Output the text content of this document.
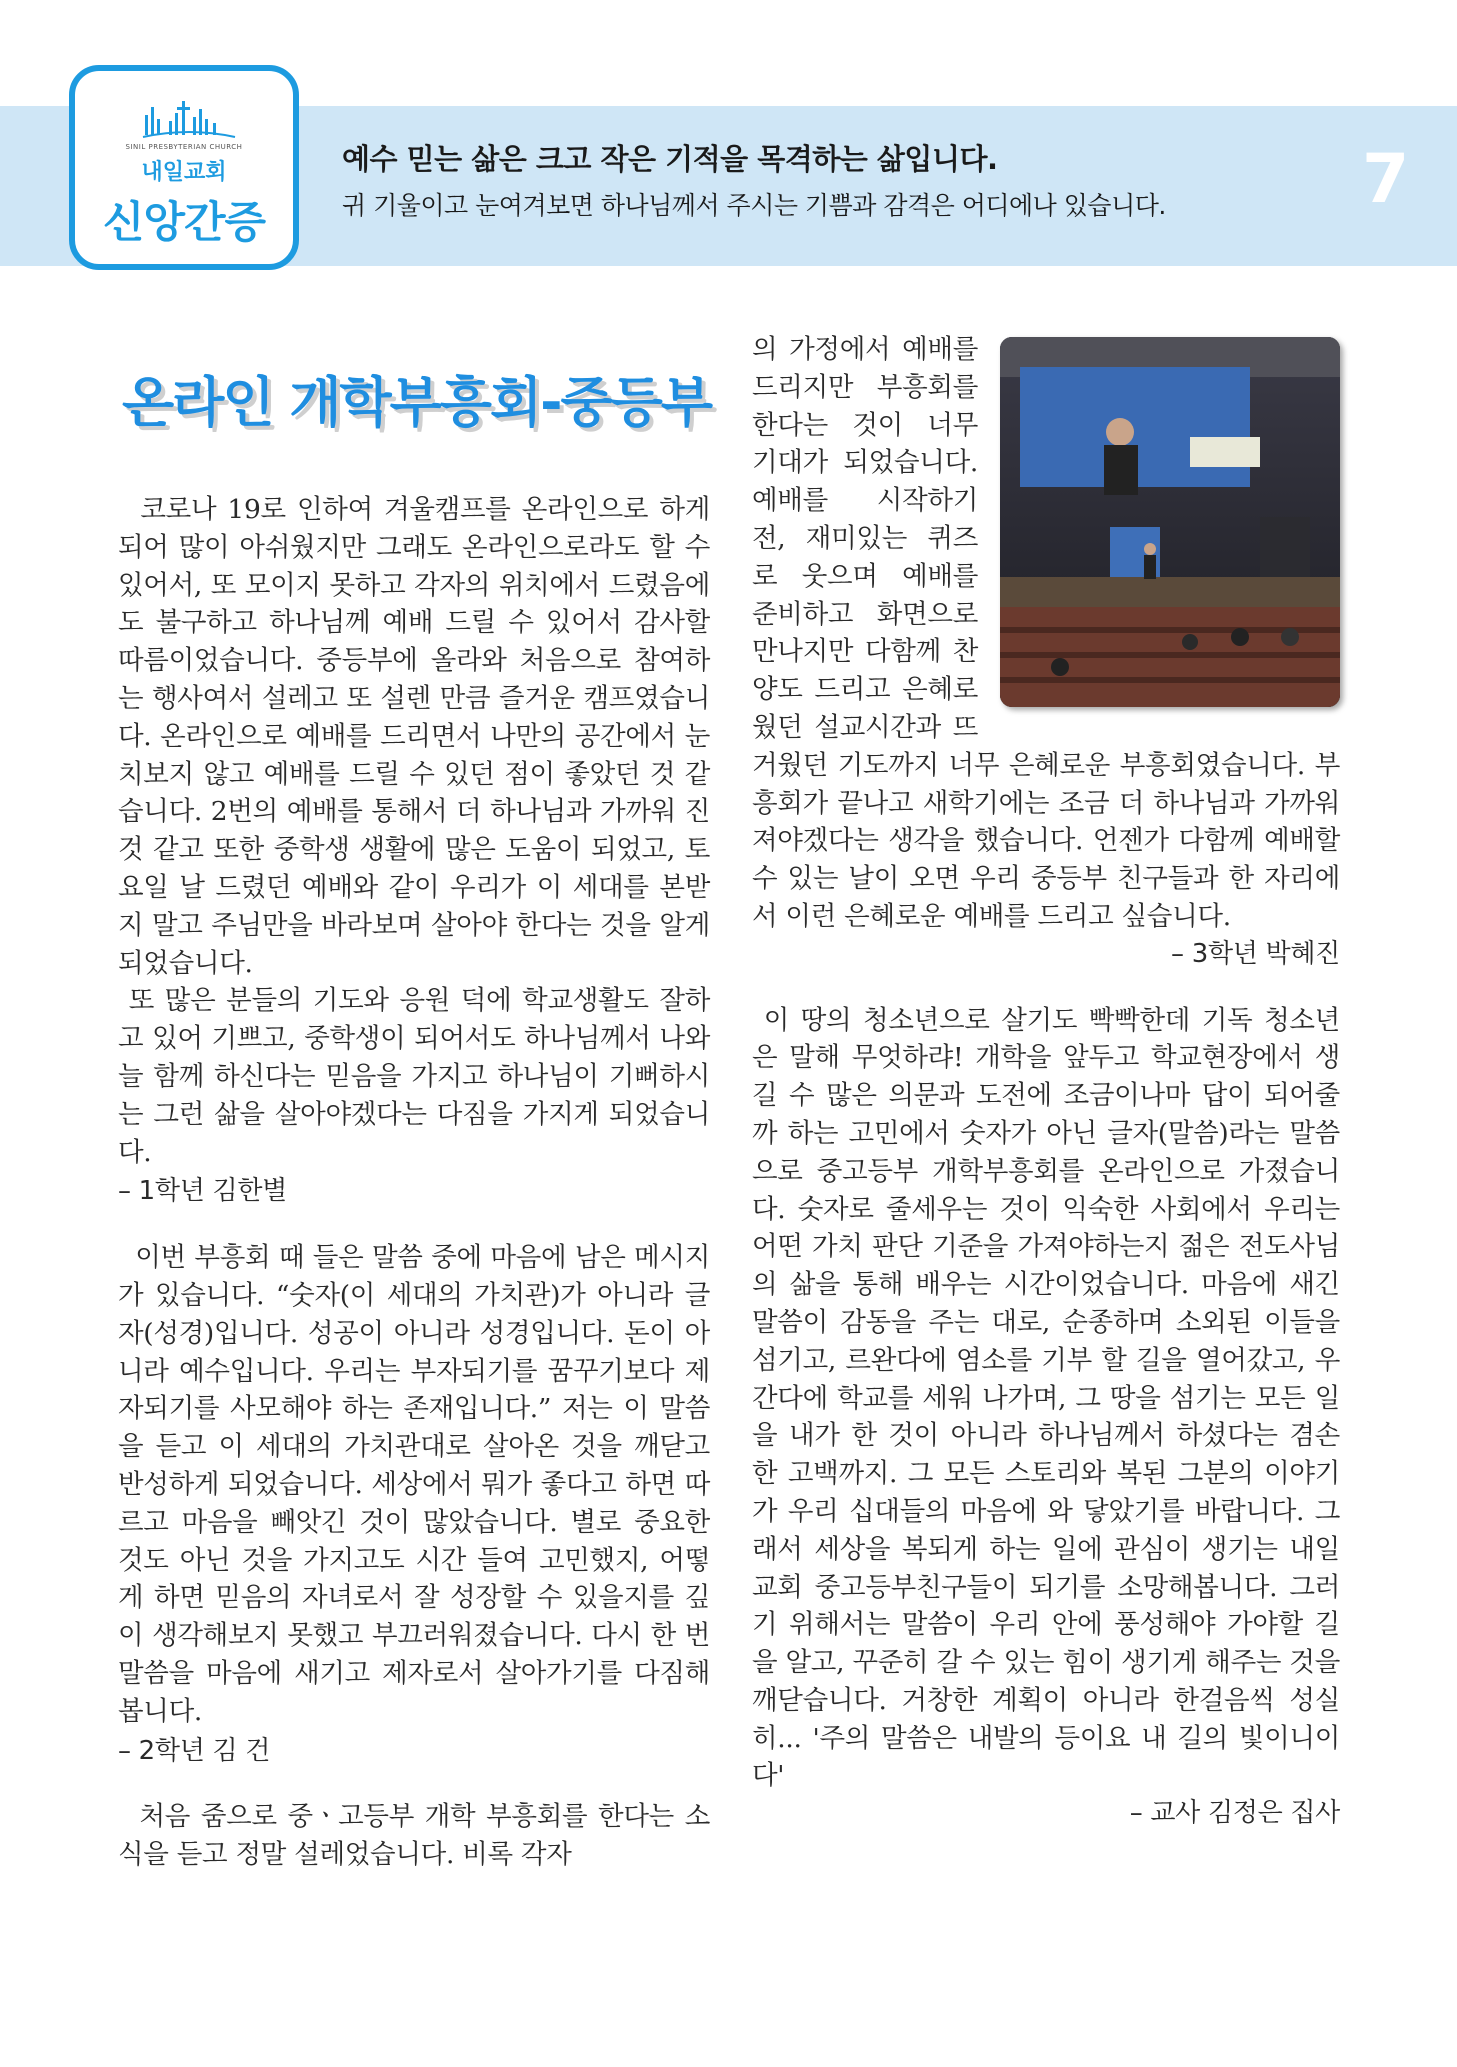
SINIL PRESBYTERIAN CHURCH
내일교회
신앙간증
예수 믿는 삶은 크고 작은 기적을 목격하는 삶입니다.
귀 기울이고 눈여겨보면 하나님께서 주시는 기쁨과 감격은 어디에나 있습니다.	7
온라인 개학부흥회-중등부

코로나 19로 인하여 겨울캠프를 온라인으로 하게 되어 많이 아쉬웠지만 그래도 온라인으로라도 할 수 있어서, 또 모이지 못하고 각자의 위치에서 드렸음에도 불구하고 하나님께 예배 드릴 수 있어서 감사할 따름이었습니다. 중등부에 올라와 처음으로 참여하는 행사여서 설레고 또 설렌 만큼 즐거운 캠프였습니다. 온라인으로 예배를 드리면서 나만의 공간에서 눈치보지 않고 예배를 드릴 수 있던 점이 좋았던 것 같습니다. 2번의 예배를 통해서 더 하나님과 가까워 진 것 같고 또한 중학생 생활에 많은 도움이 되었고, 토요일 날 드렸던 예배와 같이 우리가 이 세대를 본받지 말고 주님만을 바라보며 살아야 한다는 것을 알게 되었습니다.

또 많은 분들의 기도와 응원 덕에 학교생활도 잘하고 있어 기쁘고, 중학생이 되어서도 하나님께서 나와 늘 함께 하신다는 믿음을 가지고 하나님이 기뻐하시는 그런 삶을 살아야겠다는 다짐을 가지게 되었습니다.

– 1학년 김한별

이번 부흥회 때 들은 말씀 중에 마음에 남은 메시지가 있습니다. “숫자(이 세대의 가치관)가 아니라 글자(성경)입니다. 성공이 아니라 성경입니다. 돈이 아니라 예수입니다. 우리는 부자되기를 꿈꾸기보다 제자되기를 사모해야 하는 존재입니다.” 저는 이 말씀을 듣고 이 세대의 가치관대로 살아온 것을 깨닫고 반성하게 되었습니다. 세상에서 뭐가 좋다고 하면 따르고 마음을 빼앗긴 것이 많았습니다. 별로 중요한 것도 아닌 것을 가지고도 시간 들여 고민했지, 어떻게 하면 믿음의 자녀로서 잘 성장할 수 있을지를 깊이 생각해보지 못했고 부끄러워졌습니다. 다시 한 번 말씀을 마음에 새기고 제자로서 살아가기를 다짐해봅니다.

– 2학년 김 건

처음 줌으로 중ㆍ고등부 개학 부흥회를 한다는 소식을 듣고 정말 설레었습니다. 비록 각자

의 가정에서 예배를 드리지만 부흥회를 한다는 것이 너무 기대가 되었습니다. 예배를 시작하기 전, 재미있는 퀴즈로 웃으며 예배를 준비하고 화면으로 만나지만 다함께 찬양도 드리고 은혜로웠던 설교시간과 뜨거웠던 기도까지 너무 은혜로운 부흥회였습니다. 부흥회가 끝나고 새학기에는 조금 더 하나님과 가까워져야겠다는 생각을 했습니다. 언젠가 다함께 예배할 수 있는 날이 오면 우리 중등부 친구들과 한 자리에서 이런 은혜로운 예배를 드리고 싶습니다.

– 3학년 박혜진

이 땅의 청소년으로 살기도 빡빡한데 기독 청소년은 말해 무엇하랴! 개학을 앞두고 학교현장에서 생길 수 많은 의문과 도전에 조금이나마 답이 되어줄까 하는 고민에서 숫자가 아닌 글자(말씀)라는 말씀으로 중고등부 개학부흥회를 온라인으로 가졌습니다. 숫자로 줄세우는 것이 익숙한 사회에서 우리는 어떤 가치 판단 기준을 가져야하는지 젊은 전도사님의 삶을 통해 배우는 시간이었습니다. 마음에 새긴 말씀이 감동을 주는 대로, 순종하며 소외된 이들을 섬기고, 르완다에 염소를 기부 할 길을 열어갔고, 우간다에 학교를 세워 나가며, 그 땅을 섬기는 모든 일을 내가 한 것이 아니라 하나님께서 하셨다는 겸손한 고백까지. 그 모든 스토리와 복된 그분의 이야기가 우리 십대들의 마음에 와 닿았기를 바랍니다. 그래서 세상을 복되게 하는 일에 관심이 생기는 내일교회 중고등부친구들이 되기를 소망해봅니다. 그러기 위해서는 말씀이 우리 안에 풍성해야 가야할 길을 알고, 꾸준히 갈 수 있는 힘이 생기게 해주는 것을 깨닫습니다. 거창한 계획이 아니라 한걸음씩 성실히... '주의 말씀은 내발의 등이요 내 길의 빛이니이다'

– 교사 김정은 집사
